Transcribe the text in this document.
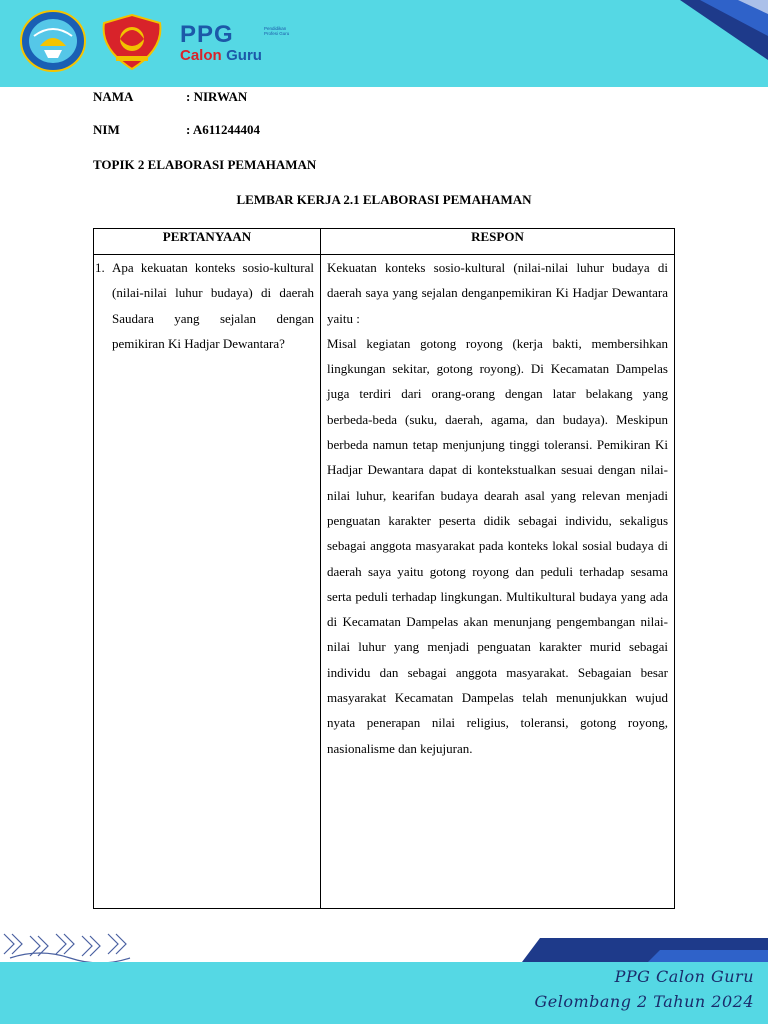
PPG
Calon Guru
Pendidikan Profesi Guru
NAMA	: NIRWAN
NIM	: A611244404
TOPIK 2 ELABORASI PEMAHAMAN
LEMBAR KERJA 2.1 ELABORASI PEMAHAMAN
PERTANYAAN	RESPON
1. Apa kekuatan konteks sosio-kultural (nilai-nilai luhur budaya) di daerah Saudara yang sejalan dengan pemikiran Ki Hadjar Dewantara?

Kekuatan konteks sosio-kultural (nilai-nilai luhur budaya di daerah saya yang sejalan denganpemikiran Ki Hadjar Dewantara yaitu :

Misal kegiatan gotong royong (kerja bakti, membersihkan lingkungan sekitar, gotong royong). Di Kecamatan Dampelas juga terdiri dari orang-orang dengan latar belakang yang berbeda-beda (suku, daerah, agama, dan budaya). Meskipun berbeda namun tetap menjunjung tinggi toleransi. Pemikiran Ki Hadjar Dewantara dapat di kontekstualkan sesuai dengan nilai-nilai luhur, kearifan budaya dearah asal yang relevan menjadi penguatan karakter peserta didik sebagai individu, sekaligus sebagai anggota masyarakat pada konteks lokal sosial budaya di daerah saya yaitu gotong royong dan peduli terhadap sesama serta peduli terhadap lingkungan. Multikultural budaya yang ada di Kecamatan Dampelas akan menunjang pengembangan nilai-nilai luhur yang menjadi penguatan karakter murid sebagai individu dan sebagai anggota masyarakat. Sebagaian besar masyarakat Kecamatan Dampelas telah menunjukkan wujud nyata penerapan nilai religius, toleransi, gotong royong, nasionalisme dan kejujuran.

PPG Calon Guru
Gelombang 2 Tahun 2024
